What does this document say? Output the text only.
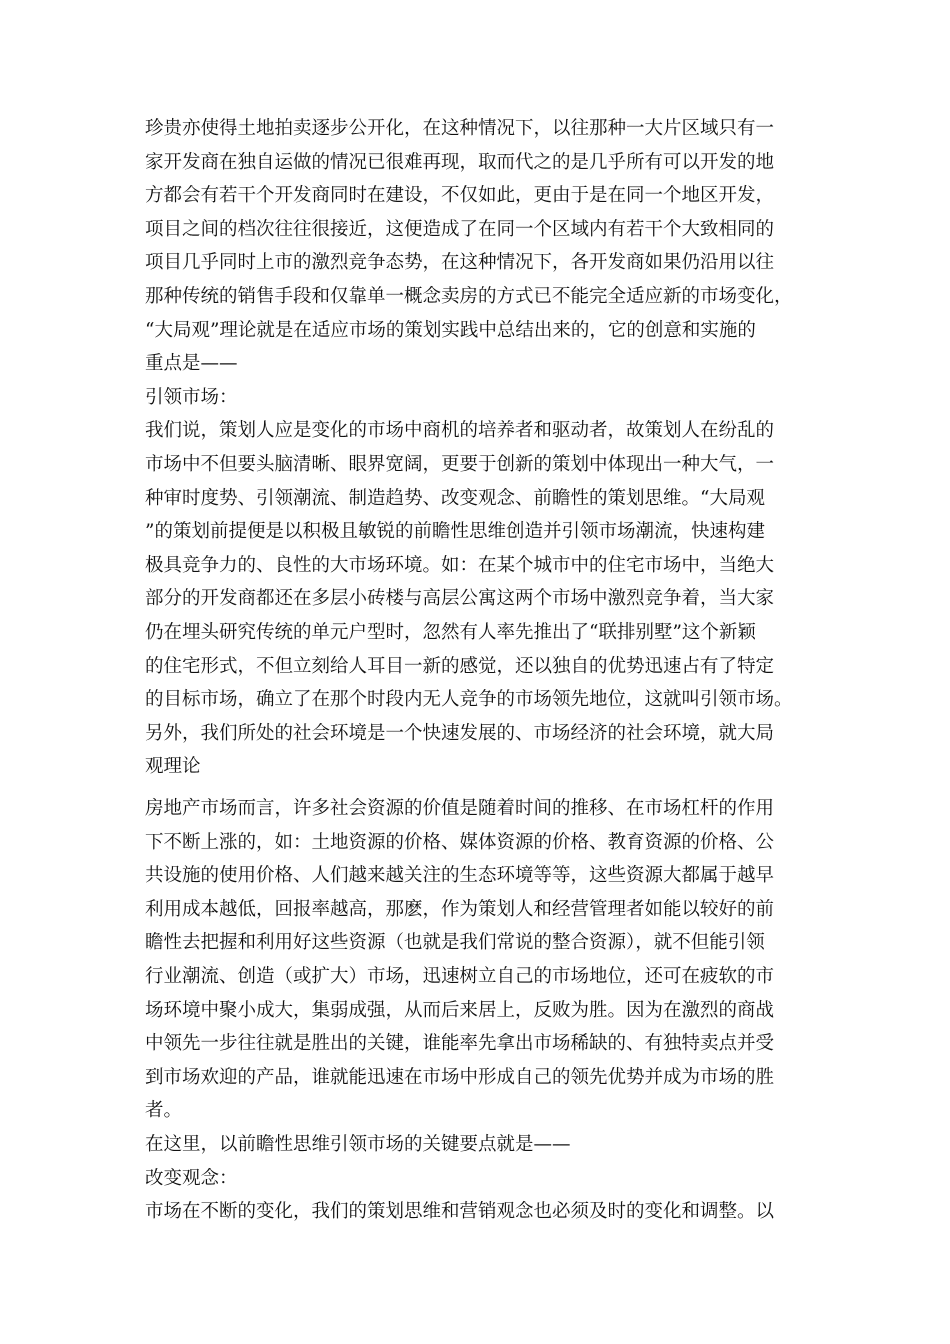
珍贵亦使得土地拍卖逐步公开化，在这种情况下，以往那种一大片区域只有一
家开发商在独自运做的情况已很难再现，取而代之的是几乎所有可以开发的地
方都会有若干个开发商同时在建设，不仅如此，更由于是在同一个地区开发，
项目之间的档次往往很接近，这便造成了在同一个区域内有若干个大致相同的
项目几乎同时上市的激烈竞争态势，在这种情况下，各开发商如果仍沿用以往
那种传统的销售手段和仅靠单一概念卖房的方式已不能完全适应新的市场变化，
“大局观”理论就是在适应市场的策划实践中总结出来的，它的创意和实施的
重点是——
引领市场：
我们说，策划人应是变化的市场中商机的培养者和驱动者，故策划人在纷乱的
市场中不但要头脑清晰、眼界宽阔，更要于创新的策划中体现出一种大气，一
种审时度势、引领潮流、制造趋势、改变观念、前瞻性的策划思维。“大局观
”的策划前提便是以积极且敏锐的前瞻性思维创造并引领市场潮流，快速构建
极具竞争力的、良性的大市场环境。如：在某个城市中的住宅市场中，当绝大
部分的开发商都还在多层小砖楼与高层公寓这两个市场中激烈竞争着，当大家
仍在埋头研究传统的单元户型时，忽然有人率先推出了“联排别墅”这个新颖
的住宅形式，不但立刻给人耳目一新的感觉，还以独自的优势迅速占有了特定
的目标市场，确立了在那个时段内无人竞争的市场领先地位，这就叫引领市场。
另外，我们所处的社会环境是一个快速发展的、市场经济的社会环境，就大局
观理论
房地产市场而言，许多社会资源的价值是随着时间的推移、在市场杠杆的作用
下不断上涨的，如：土地资源的价格、媒体资源的价格、教育资源的价格、公
共设施的使用价格、人们越来越关注的生态环境等等，这些资源大都属于越早
利用成本越低，回报率越高，那麽，作为策划人和经营管理者如能以较好的前
瞻性去把握和利用好这些资源（也就是我们常说的整合资源），就不但能引领
行业潮流、创造（或扩大）市场，迅速树立自己的市场地位，还可在疲软的市
场环境中聚小成大，集弱成强，从而后来居上，反败为胜。因为在激烈的商战
中领先一步往往就是胜出的关键，谁能率先拿出市场稀缺的、有独特卖点并受
到市场欢迎的产品，谁就能迅速在市场中形成自己的领先优势并成为市场的胜
者。
在这里，以前瞻性思维引领市场的关键要点就是——
改变观念：
市场在不断的变化，我们的策划思维和营销观念也必须及时的变化和调整。以
